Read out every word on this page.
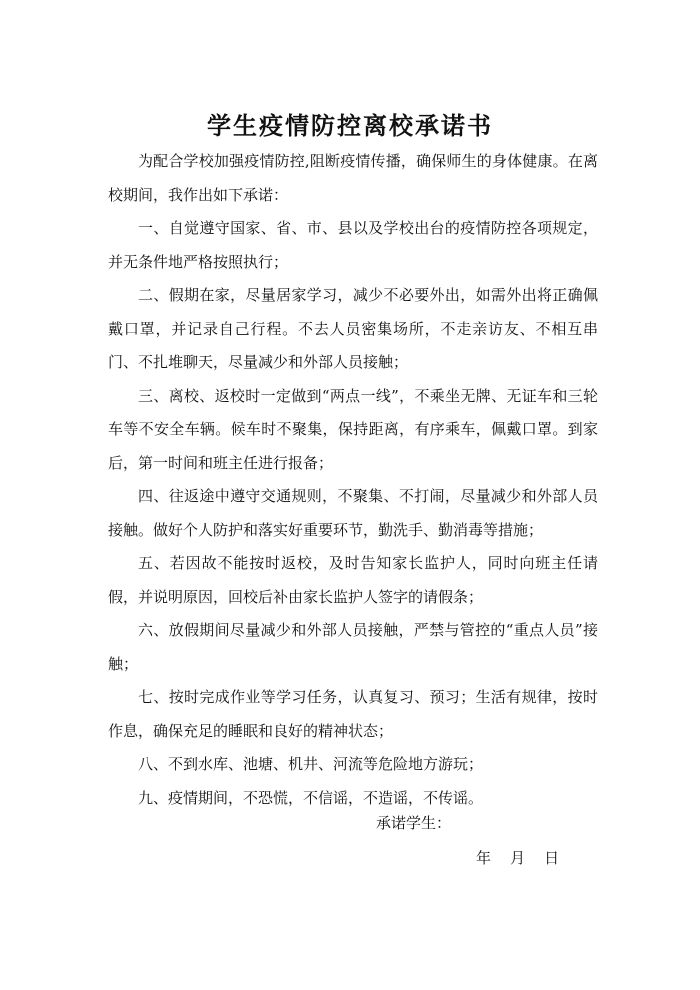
学生疫情防控离校承诺书

为配合学校加强疫情防控,阻断疫情传播，确保师生的身体健康。在离校期间，我作出如下承诺：

一、自觉遵守国家、省、市、县以及学校出台的疫情防控各项规定，并无条件地严格按照执行；

二、假期在家，尽量居家学习，减少不必要外出，如需外出将正确佩戴口罩，并记录自己行程。不去人员密集场所，不走亲访友、不相互串门、不扎堆聊天，尽量减少和外部人员接触；

三、离校、返校时一定做到“两点一线”，不乘坐无牌、无证车和三轮车等不安全车辆。候车时不聚集，保持距离，有序乘车，佩戴口罩。到家后，第一时间和班主任进行报备；

四、往返途中遵守交通规则，不聚集、不打闹，尽量减少和外部人员接触。做好个人防护和落实好重要环节，勤洗手、勤消毒等措施；

五、若因故不能按时返校，及时告知家长监护人，同时向班主任请假，并说明原因，回校后补由家长监护人签字的请假条；

六、放假期间尽量减少和外部人员接触，严禁与管控的“重点人员”接触；

七、按时完成作业等学习任务，认真复习、预习；生活有规律，按时作息，确保充足的睡眠和良好的精神状态；

八、不到水库、池塘、机井、河流等危险地方游玩；

九、疫情期间，不恐慌，不信谣，不造谣，不传谣。

承诺学生：
年    月    日
